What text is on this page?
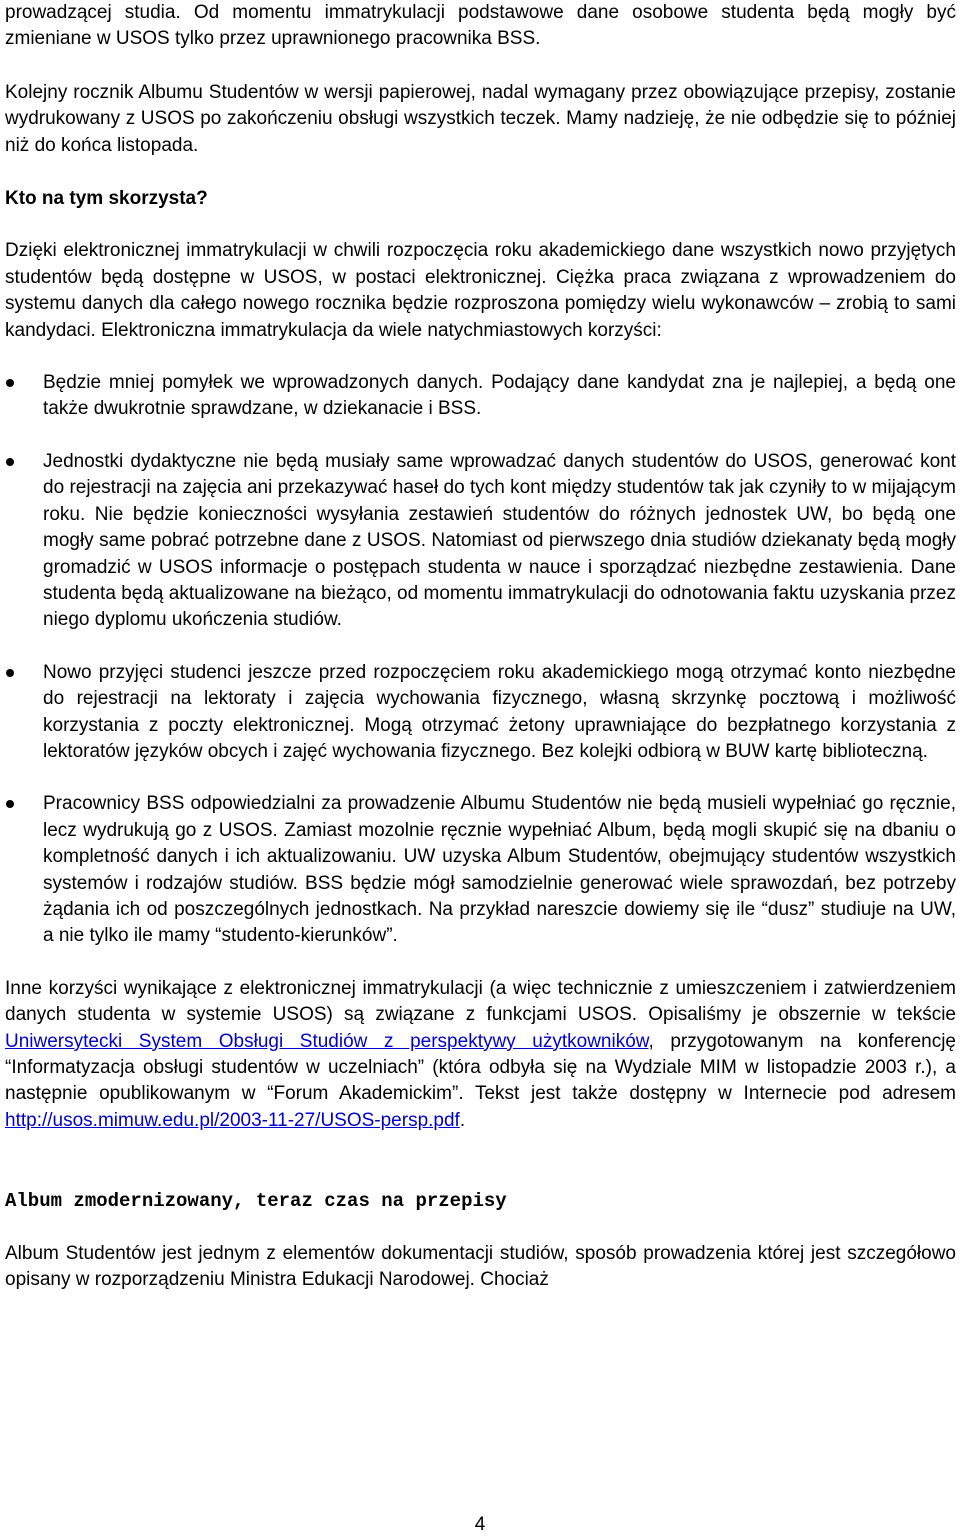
prowadzącej studia. Od momentu immatrykulacji podstawowe dane osobowe studenta będą mogły być zmieniane w USOS tylko przez uprawnionego pracownika BSS.

Kolejny rocznik Albumu Studentów w wersji papierowej, nadal wymagany przez obowiązujące przepisy, zostanie wydrukowany z USOS po zakończeniu obsługi wszystkich teczek. Mamy nadzieję, że nie odbędzie się to później niż do końca listopada.

Kto na tym skorzysta?

Dzięki elektronicznej immatrykulacji w chwili rozpoczęcia roku akademickiego dane wszystkich nowo przyjętych studentów będą dostępne w USOS, w postaci elektronicznej. Ciężka praca związana z wprowadzeniem do systemu danych dla całego nowego rocznika będzie rozproszona pomiędzy wielu wykonawców – zrobią to sami kandydaci. Elektroniczna immatrykulacja da wiele natychmiastowych korzyści:

Będzie mniej pomyłek we wprowadzonych danych. Podający dane kandydat zna je najlepiej, a będą one także dwukrotnie sprawdzane, w dziekanacie i BSS.
Jednostki dydaktyczne nie będą musiały same wprowadzać danych studentów do USOS, generować kont do rejestracji na zajęcia ani przekazywać haseł do tych kont między studentów tak jak czyniły to w mijającym roku. Nie będzie konieczności wysyłania zestawień studentów do różnych jednostek UW, bo będą one mogły same pobrać potrzebne dane z USOS. Natomiast od pierwszego dnia studiów dziekanaty będą mogły gromadzić w USOS informacje o postępach studenta w nauce i sporządzać niezbędne zestawienia. Dane studenta będą aktualizowane na bieżąco, od momentu immatrykulacji do odnotowania faktu uzyskania przez niego dyplomu ukończenia studiów.
Nowo przyjęci studenci jeszcze przed rozpoczęciem roku akademickiego mogą otrzymać konto niezbędne do rejestracji na lektoraty i zajęcia wychowania fizycznego, własną skrzynkę pocztową i możliwość korzystania z poczty elektronicznej. Mogą otrzymać żetony uprawniające do bezpłatnego korzystania z lektoratów języków obcych i zajęć wychowania fizycznego. Bez kolejki odbiorą w BUW kartę biblioteczną.
Pracownicy BSS odpowiedzialni za prowadzenie Albumu Studentów nie będą musieli wypełniać go ręcznie, lecz wydrukują go z USOS. Zamiast mozolnie ręcznie wypełniać Album, będą mogli skupić się na dbaniu o kompletność danych i ich aktualizowaniu. UW uzyska Album Studentów, obejmujący studentów wszystkich systemów i rodzajów studiów. BSS będzie mógł samodzielnie generować wiele sprawozdań, bez potrzeby żądania ich od poszczególnych jednostkach. Na przykład nareszcie dowiemy się ile “dusz” studiuje na UW, a nie tylko ile mamy “studento-kierunków”.

Inne korzyści wynikające z elektronicznej immatrykulacji (a więc technicznie z umieszczeniem i zatwierdzeniem danych studenta w systemie USOS) są związane z funkcjami USOS. Opisaliśmy je obszernie w tekście Uniwersytecki System Obsługi Studiów z perspektywy użytkowników, przygotowanym na konferencję “Informatyzacja obsługi studentów w uczelniach” (która odbyła się na Wydziale MIM w listopadzie 2003 r.), a następnie opublikowanym w “Forum Akademickim”. Tekst jest także dostępny w Internecie pod adresem http://usos.mimuw.edu.pl/2003-11-27/USOS-persp.pdf.

Album zmodernizowany, teraz czas na przepisy

Album Studentów jest jednym z elementów dokumentacji studiów, sposób prowadzenia której jest szczegółowo opisany w rozporządzeniu Ministra Edukacji Narodowej. Chociaż

4
